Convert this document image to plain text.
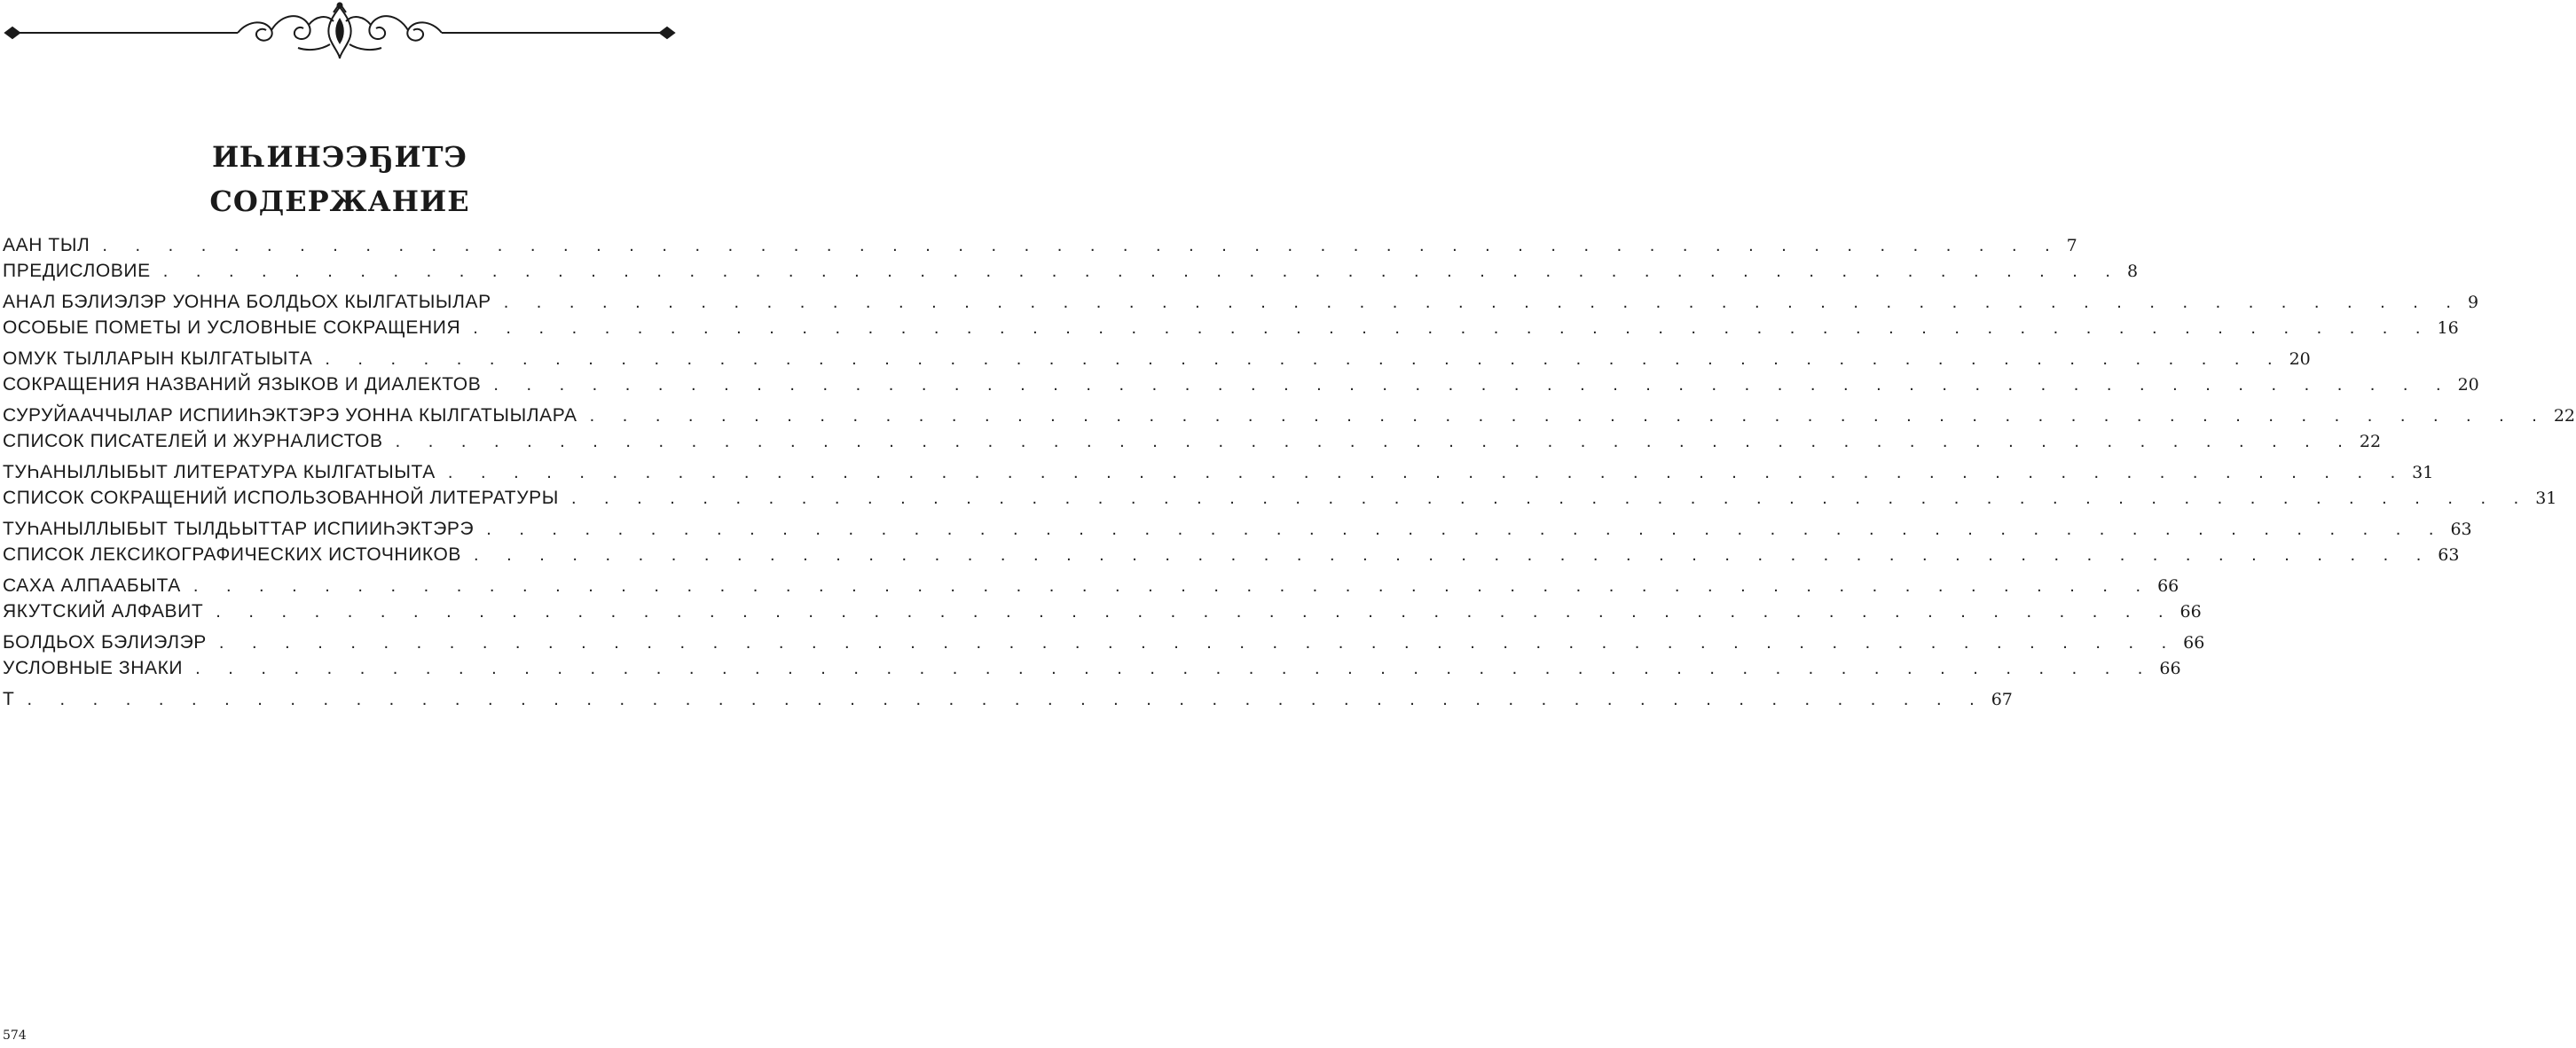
ИҺИНЭЭҔИТЭ
СОДЕРЖАНИЕ
ААН ТЫЛ . . . . . . . . . . . . . . . . . . . . . . . . . . . . . . . . . . . . . . . . . . . . . . . . . . . . . . . . . . . . 7
ПРЕДИСЛОВИЕ . . . . . . . . . . . . . . . . . . . . . . . . . . . . . . . . . . . . . . . . . . . . . . . . . . . . . . . . . . . . 8
АНАЛ БЭЛИЭЛЭР УОННА БОЛДЬОХ КЫЛГАТЫЫЛАР . . . . . . . . . . . . . . . . . . . . . . . . . . . . . . . . . . . . . . . . . . . . . . . . . . . . . . . . . . . . 9
ОСОБЫЕ ПОМЕТЫ И УСЛОВНЫЕ СОКРАЩЕНИЯ . . . . . . . . . . . . . . . . . . . . . . . . . . . . . . . . . . . . . . . . . . . . . . . . . . . . . . . . . . . . 16
ОМУК ТЫЛЛАРЫН КЫЛГАТЫЫТА . . . . . . . . . . . . . . . . . . . . . . . . . . . . . . . . . . . . . . . . . . . . . . . . . . . . . . . . . . . . 20
СОКРАЩЕНИЯ НАЗВАНИЙ ЯЗЫКОВ И ДИАЛЕКТОВ . . . . . . . . . . . . . . . . . . . . . . . . . . . . . . . . . . . . . . . . . . . . . . . . . . . . . . . . . . . . 20
СУРУЙААЧЧЫЛАР ИСПИИҺЭКТЭРЭ УОННА КЫЛГАТЫЫЛАРА . . . . . . . . . . . . . . . . . . . . . . . . . . . . . . . . . . . . . . . . . . . . . . . . . . . . . . . . . . . . 22
СПИСОК ПИСАТЕЛЕЙ И ЖУРНАЛИСТОВ . . . . . . . . . . . . . . . . . . . . . . . . . . . . . . . . . . . . . . . . . . . . . . . . . . . . . . . . . . . . 22
ТУҺАНЫЛЛЫБЫТ ЛИТЕРАТУРА КЫЛГАТЫЫТА . . . . . . . . . . . . . . . . . . . . . . . . . . . . . . . . . . . . . . . . . . . . . . . . . . . . . . . . . . . . 31
СПИСОК СОКРАЩЕНИЙ ИСПОЛЬЗОВАННОЙ ЛИТЕРАТУРЫ . . . . . . . . . . . . . . . . . . . . . . . . . . . . . . . . . . . . . . . . . . . . . . . . . . . . . . . . . . . . 31
ТУҺАНЫЛЛЫБЫТ ТЫЛДЬЫТТАР ИСПИИҺЭКТЭРЭ . . . . . . . . . . . . . . . . . . . . . . . . . . . . . . . . . . . . . . . . . . . . . . . . . . . . . . . . . . . . 63
СПИСОК ЛЕКСИКОГРАФИЧЕСКИХ ИСТОЧНИКОВ . . . . . . . . . . . . . . . . . . . . . . . . . . . . . . . . . . . . . . . . . . . . . . . . . . . . . . . . . . . . 63
САХА АЛПААБЫТА . . . . . . . . . . . . . . . . . . . . . . . . . . . . . . . . . . . . . . . . . . . . . . . . . . . . . . . . . . . . 66
ЯКУТСКИЙ АЛФАВИТ . . . . . . . . . . . . . . . . . . . . . . . . . . . . . . . . . . . . . . . . . . . . . . . . . . . . . . . . . . . . 66
БОЛДЬОХ БЭЛИЭЛЭР . . . . . . . . . . . . . . . . . . . . . . . . . . . . . . . . . . . . . . . . . . . . . . . . . . . . . . . . . . . . 66
УСЛОВНЫЕ ЗНАКИ . . . . . . . . . . . . . . . . . . . . . . . . . . . . . . . . . . . . . . . . . . . . . . . . . . . . . . . . . . . . 66
Т . . . . . . . . . . . . . . . . . . . . . . . . . . . . . . . . . . . . . . . . . . . . . . . . . . . . . . . . . . . . 67
574
